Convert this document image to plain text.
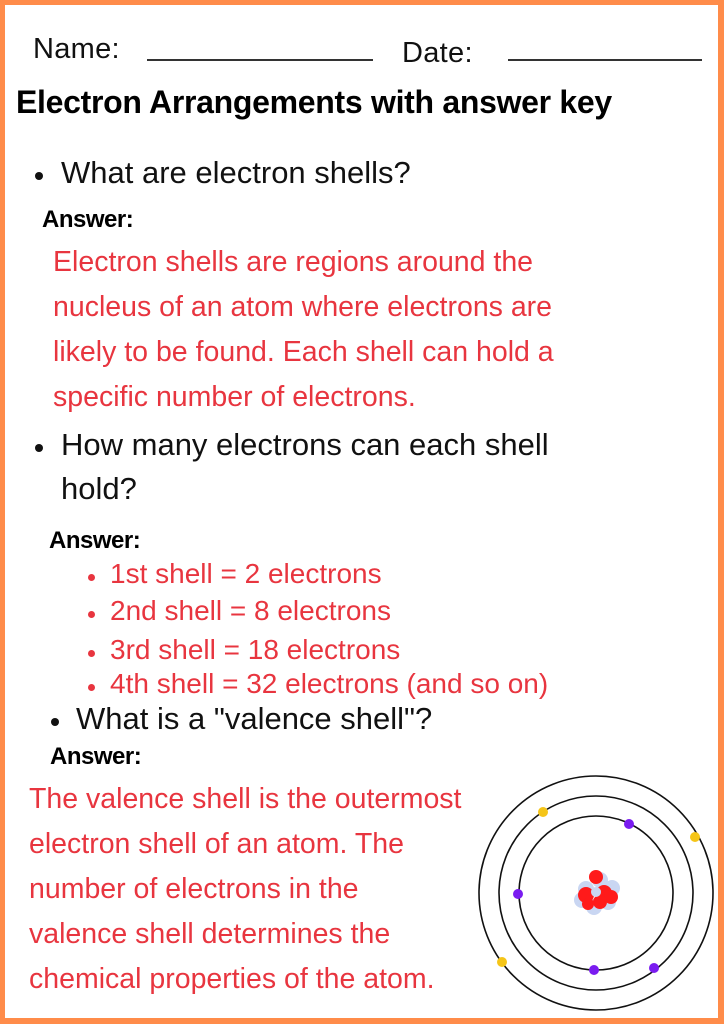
Name:	Date:
Electron Arrangements with answer key
What are electron shells?
Answer:
Electron shells are regions around the
nucleus of an atom where electrons are
likely to be found. Each shell can hold a
specific number of electrons.
How many electrons can each shell
hold?
Answer:
1st shell = 2 electrons
2nd shell = 8 electrons
3rd shell = 18 electrons
4th shell = 32 electrons (and so on)
What is a "valence shell"?
Answer:
The valence shell is the outermost
electron shell of an atom. The
number of electrons in the
valence shell determines the
chemical properties of the atom.
